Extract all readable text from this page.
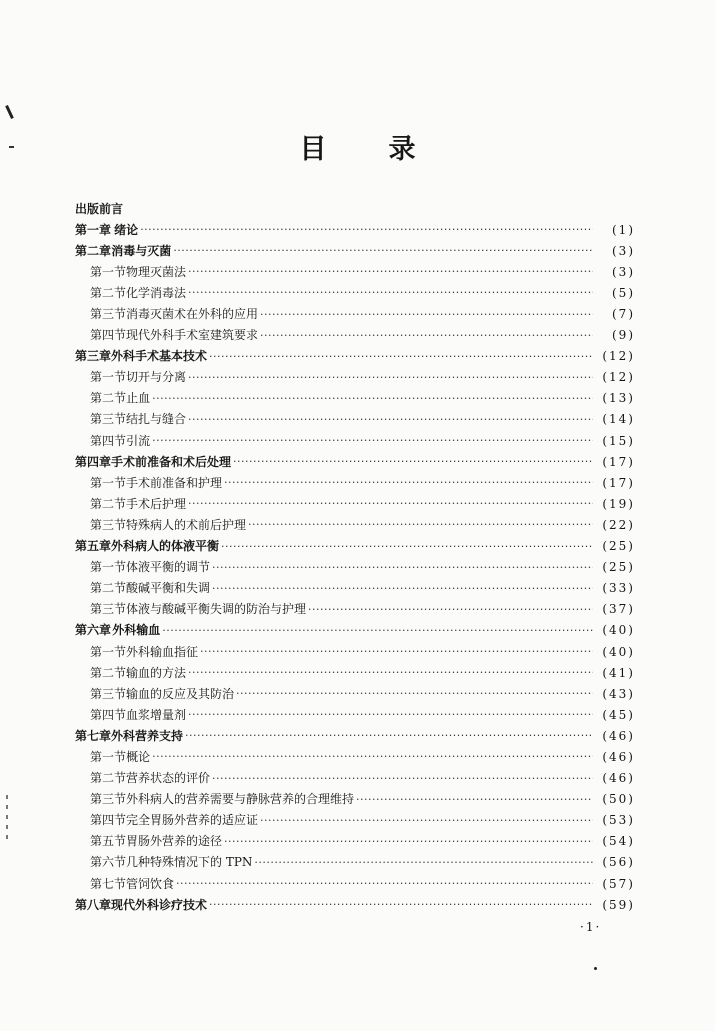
目 录
出版前言
第一章 绪论 ·····	(1)
第二章 消毒与灭菌 ·····	(3)
第一节 物理灭菌法 ·····	(3)
第二节 化学消毒法 ·····	(5)
第三节 消毒灭菌术在外科的应用 ·····	(7)
第四节 现代外科手术室建筑要求 ·····	(9)
第三章 外科手术基本技术 ·····	(12)
第一节 切开与分离 ·····	(12)
第二节 止血 ·····	(13)
第三节 结扎与缝合 ·····	(14)
第四节 引流 ·····	(15)
第四章 手术前准备和术后处理 ·····	(17)
第一节 手术前准备和护理 ·····	(17)
第二节 手术后护理 ·····	(19)
第三节 特殊病人的术前后护理 ·····	(22)
第五章 外科病人的体液平衡 ·····	(25)
第一节 体液平衡的调节 ·····	(25)
第二节 酸碱平衡和失调 ·····	(33)
第三节 体液与酸碱平衡失调的防治与护理 ·····	(37)
第六章 外科输血 ·····	(40)
第一节 外科输血指征 ·····	(40)
第二节 输血的方法 ·····	(41)
第三节 输血的反应及其防治 ·····	(43)
第四节 血浆增量剂 ·····	(45)
第七章 外科营养支持 ·····	(46)
第一节 概论 ·····	(46)
第二节 营养状态的评价 ·····	(46)
第三节 外科病人的营养需要与静脉营养的合理维持 ·····	(50)
第四节 完全胃肠外营养的适应证 ·····	(53)
第五节 胃肠外营养的途径 ·····	(54)
第六节 几种特殊情况下的 TPN ·····	(56)
第七节 管饲饮食 ·····	(57)
第八章 现代外科诊疗技术 ·····	(59)
·1·
